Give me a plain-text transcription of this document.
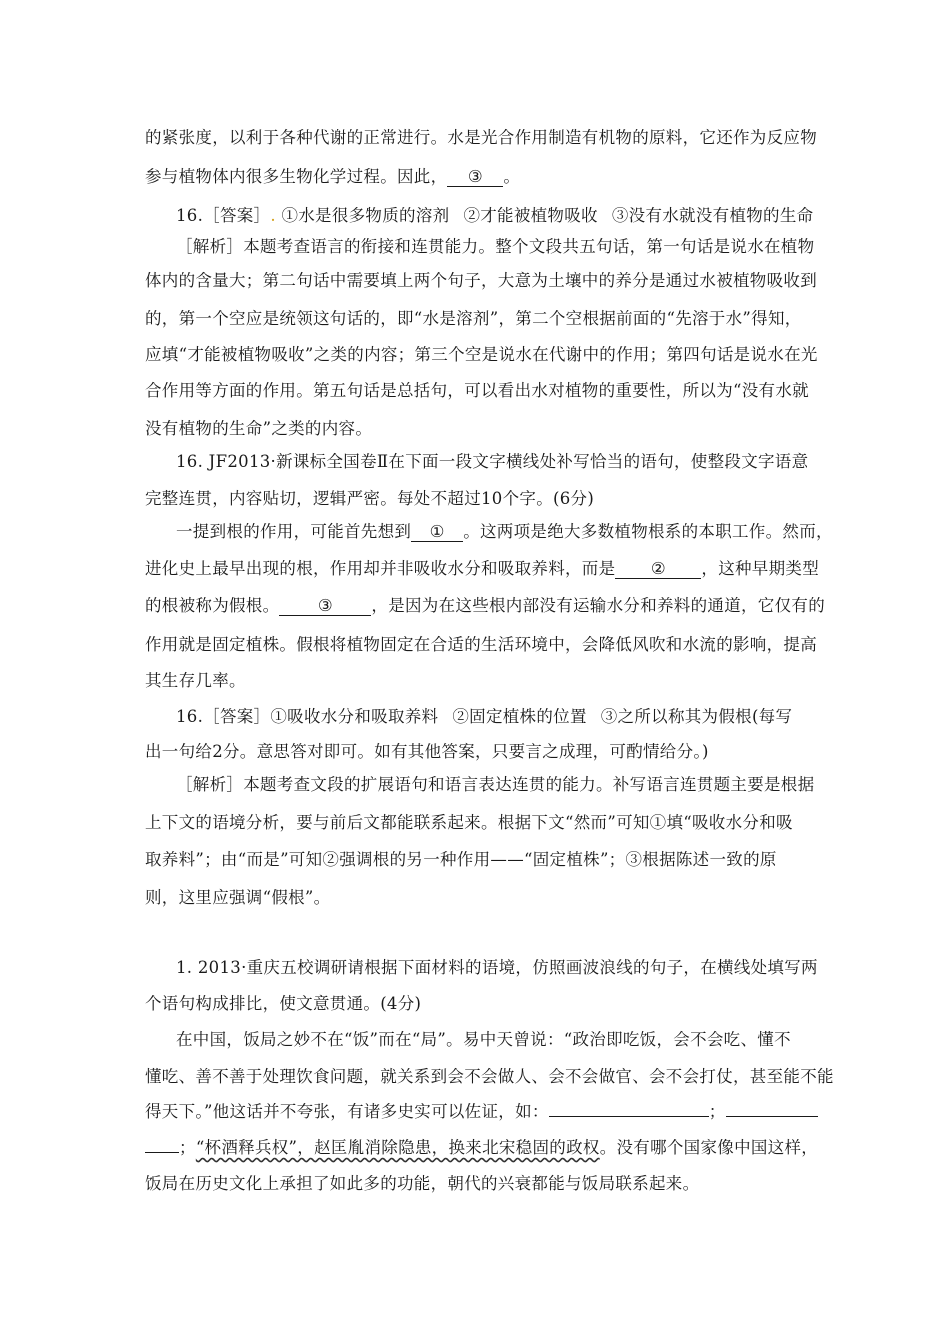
的紧张度，以利于各种代谢的正常进行。水是光合作用制造有机物的原料，它还作为反应物
参与植物体内很多生物化学过程。因此， ③ 。
16.［答案］. ①水是很多物质的溶剂 ②才能被植物吸收 ③没有水就没有植物的生命
［解析］本题考查语言的衔接和连贯能力。整个文段共五句话，第一句话是说水在植物
体内的含量大；第二句话中需要填上两个句子，大意为土壤中的养分是通过水被植物吸收到
的，第一个空应是统领这句话的，即“水是溶剂”，第二个空根据前面的“先溶于水”得知，
应填“才能被植物吸收”之类的内容；第三个空是说水在代谢中的作用；第四句话是说水在光
合作用等方面的作用。第五句话是总括句，可以看出水对植物的重要性，所以为“没有水就
没有植物的生命”之类的内容。
16. JF2013·新课标全国卷Ⅱ在下面一段文字横线处补写恰当的语句，使整段文字语意
完整连贯，内容贴切，逻辑严密。每处不超过10个字。(6分)
一提到根的作用，可能首先想到 ① 。这两项是绝大多数植物根系的本职工作。然而，
进化史上最早出现的根，作用却并非吸收水分和吸取养料，而是 ② ，这种早期类型
的根被称为假根。 ③ ，是因为在这些根内部没有运输水分和养料的通道，它仅有的
作用就是固定植株。假根将植物固定在合适的生活环境中，会降低风吹和水流的影响，提高
其生存几率。
16.［答案］①吸收水分和吸取养料 ②固定植株的位置 ③之所以称其为假根(每写
出一句给2分。意思答对即可。如有其他答案，只要言之成理，可酌情给分。)
［解析］本题考查文段的扩展语句和语言表达连贯的能力。补写语言连贯题主要是根据
上下文的语境分析，要与前后文都能联系起来。根据下文“然而”可知①填“吸收水分和吸
取养料”；由“而是”可知②强调根的另一种作用——“固定植株”；③根据陈述一致的原
则，这里应强调“假根”。
1. 2013·重庆五校调研请根据下面材料的语境，仿照画波浪线的句子，在横线处填写两
个语句构成排比，使文意贯通。(4分)
在中国，饭局之妙不在“饭”而在“局”。易中天曾说：“政治即吃饭，会不会吃、懂不
懂吃、善不善于处理饮食问题，就关系到会不会做人、会不会做官、会不会打仗，甚至能不能
得天下。”他这话并不夸张，有诸多史实可以佐证，如：	；
；“杯酒释兵权”，赵匡胤消除隐患，换来北宋稳固的政权。没有哪个国家像中国这样，
饭局在历史文化上承担了如此多的功能，朝代的兴衰都能与饭局联系起来。
